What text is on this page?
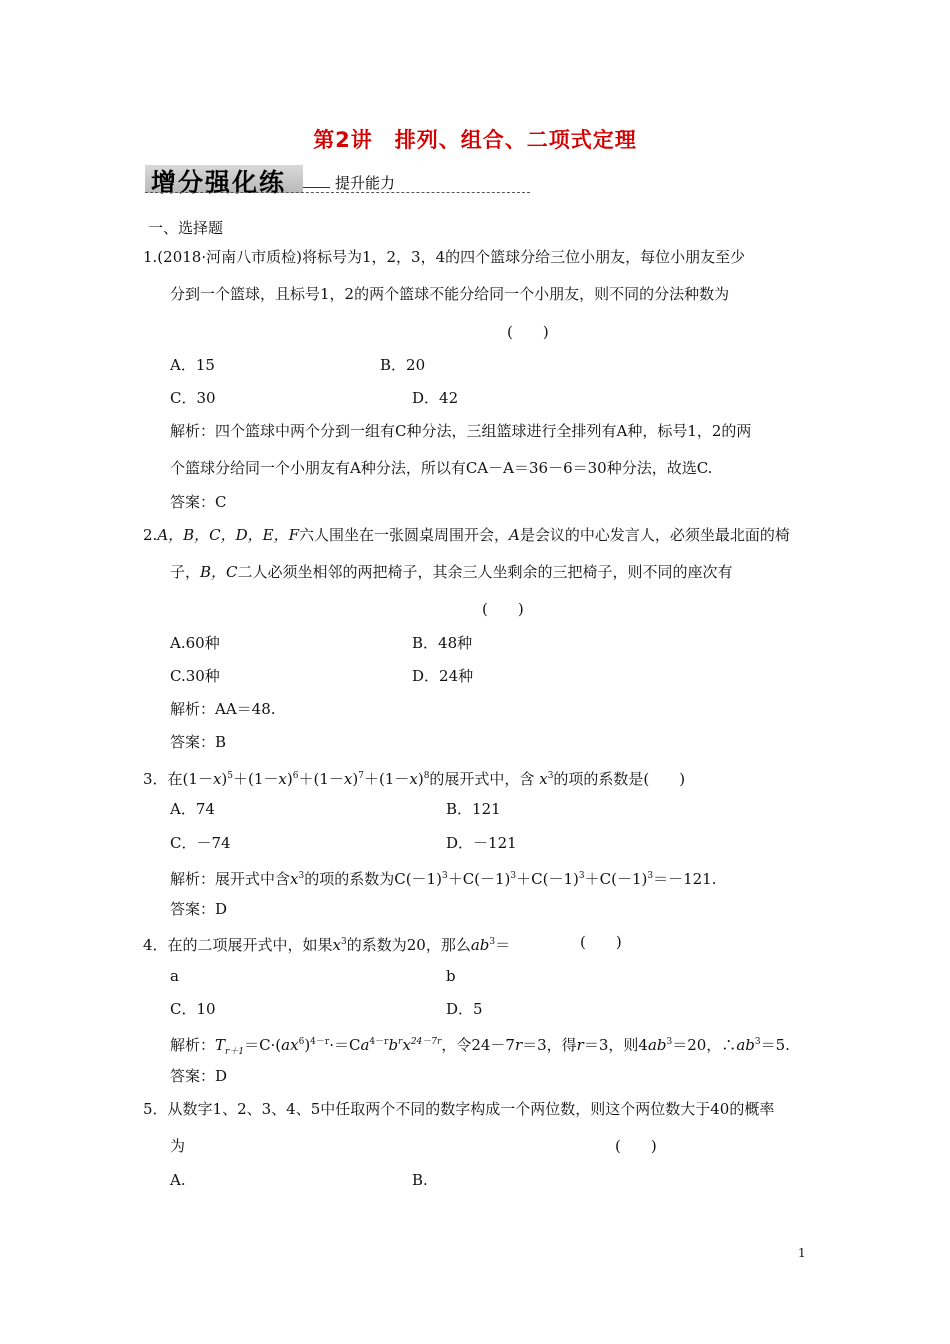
第2讲　排列、组合、二项式定理
增分强化练	提升能力
一、选择题
1.(2018·河南八市质检)将标号为1，2，3，4的四个篮球分给三位小朋友，每位小朋友至少
分到一个篮球，且标号1，2的两个篮球不能分给同一个小朋友，则不同的分法种数为
(　　)
A．15	B．20
C．30	D．42
解析：四个篮球中两个分到一组有C种分法，三组篮球进行全排列有A种，标号1，2的两
个篮球分给同一个小朋友有A种分法，所以有CA－A＝36－6＝30种分法，故选C.
答案：C
2.A，B，C，D，E，F六人围坐在一张圆桌周围开会，A是会议的中心发言人，必须坐最北面的椅
子，B，C二人必须坐相邻的两把椅子，其余三人坐剩余的三把椅子，则不同的座次有
(　　)
A.60种	B．48种
C.30种	D．24种
解析：AA＝48.
答案：B
3．在$(1-x)^5+(1-x)^6+(1-x)^7+(1-x)^8$的展开式中，含 $x^3$的项的系数是(　　)
A．74	B．121
C．－74	D．－121
解析：展开式中含$x^3$的项的系数为$C(-1)^3+C(-1)^3+C(-1)^3+C(-1)^3=-121$.
答案：D
4．在的二项展开式中，如果$x^3$的系数为20，那么$ab^3=$	(　　)
a	b
C．10	D．5
解析：$T_{r+1}=C\cdot(ax^6)^{4-r}\cdot=Ca^{4-r}b^rx^{24-7r}$，令24－7r＝3，得r＝3，则$4ab^3=20$，$\therefore ab^3=5$.
答案：D
5．从数字1、2、3、4、5中任取两个不同的数字构成一个两位数，则这个两位数大于40的概率
为	(　　)
A.	B.
1
